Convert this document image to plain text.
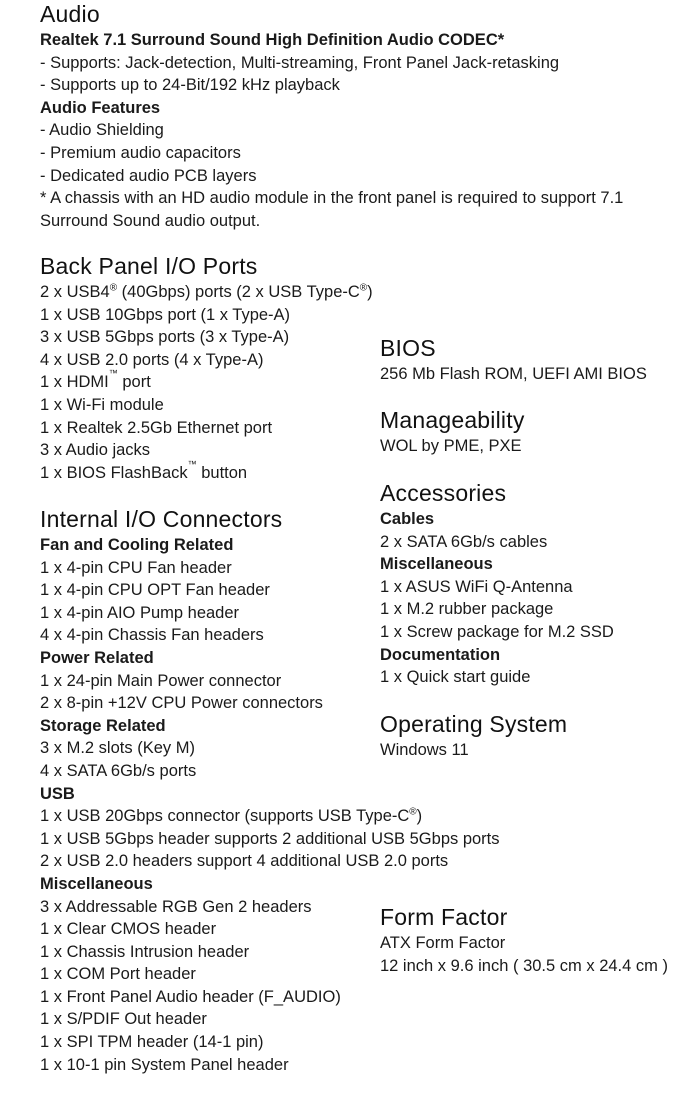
Audio
Realtek 7.1 Surround Sound High Definition Audio CODEC*
- Supports: Jack-detection, Multi-streaming, Front Panel Jack-retasking
- Supports up to 24-Bit/192 kHz playback
Audio Features
- Audio Shielding
- Premium audio capacitors
- Dedicated audio PCB layers
* A chassis with an HD audio module in the front panel is required to support 7.1 Surround Sound audio output.
Back Panel I/O Ports
2 x USB4® (40Gbps) ports (2 x USB Type-C®)
1 x USB 10Gbps port (1 x Type-A)
3 x USB 5Gbps ports (3 x Type-A)
4 x USB 2.0 ports (4 x Type-A)
1 x HDMI™ port
1 x Wi-Fi module
1 x Realtek 2.5Gb Ethernet port
3 x Audio jacks
1 x BIOS FlashBack™ button
Internal I/O Connectors
Fan and Cooling Related
1 x 4-pin CPU Fan header
1 x 4-pin CPU OPT Fan header
1 x 4-pin AIO Pump header
4 x 4-pin Chassis Fan headers
Power Related
1 x 24-pin Main Power connector
2 x 8-pin +12V CPU Power connectors
Storage Related
3 x M.2 slots (Key M)
4 x SATA 6Gb/s ports
USB
1 x USB 20Gbps connector (supports USB Type-C®)
1 x USB 5Gbps header supports 2 additional USB 5Gbps ports
2 x USB 2.0 headers support 4 additional USB 2.0 ports
Miscellaneous
3 x Addressable RGB Gen 2 headers
1 x Clear CMOS header
1 x Chassis Intrusion header
1 x COM Port header
1 x Front Panel Audio header (F_AUDIO)
1 x S/PDIF Out header
1 x SPI TPM header (14-1 pin)
1 x 10-1 pin System Panel header
BIOS
256 Mb Flash ROM, UEFI AMI BIOS
Manageability
WOL by PME, PXE
Accessories
Cables
2 x SATA 6Gb/s cables
Miscellaneous
1 x ASUS WiFi Q-Antenna
1 x M.2 rubber package
1 x Screw package for M.2 SSD
Documentation
1 x Quick start guide
Operating System
Windows 11
Form Factor
ATX Form Factor
12 inch x 9.6 inch ( 30.5 cm x 24.4 cm )
